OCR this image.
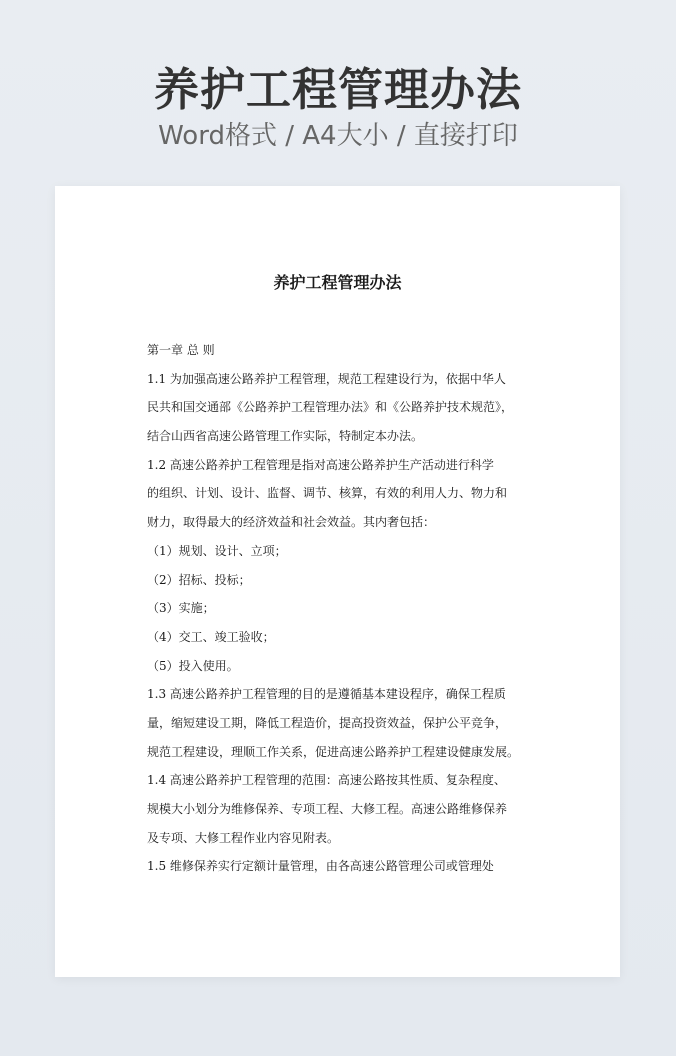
养护工程管理办法
Word格式 / A4大小 / 直接打印
养护工程管理办法
第一章 总 则
1.1 为加强高速公路养护工程管理，规范工程建设行为，依据中华人
民共和国交通部《公路养护工程管理办法》和《公路养护技术规范》，
结合山西省高速公路管理工作实际，特制定本办法。
1.2 高速公路养护工程管理是指对高速公路养护生产活动进行科学
的组织、计划、设计、监督、调节、核算，有效的利用人力、物力和
财力，取得最大的经济效益和社会效益。其内奢包括：
（1）规划、设计、立项；
（2）招标、投标；
（3）实施；
（4）交工、竣工验收；
（5）投入使用。
1.3 高速公路养护工程管理的目的是遵循基本建设程序，确保工程质
量，缩短建设工期，降低工程造价，提高投资效益，保护公平竞争，
规范工程建设，理顺工作关系，促进高速公路养护工程建设健康发展。
1.4 高速公路养护工程管理的范围：高速公路按其性质、复杂程度、
规模大小划分为维修保养、专项工程、大修工程。高速公路维修保养
及专项、大修工程作业内容见附表。
1.5 维修保养实行定额计量管理，由各高速公路管理公司或管理处
